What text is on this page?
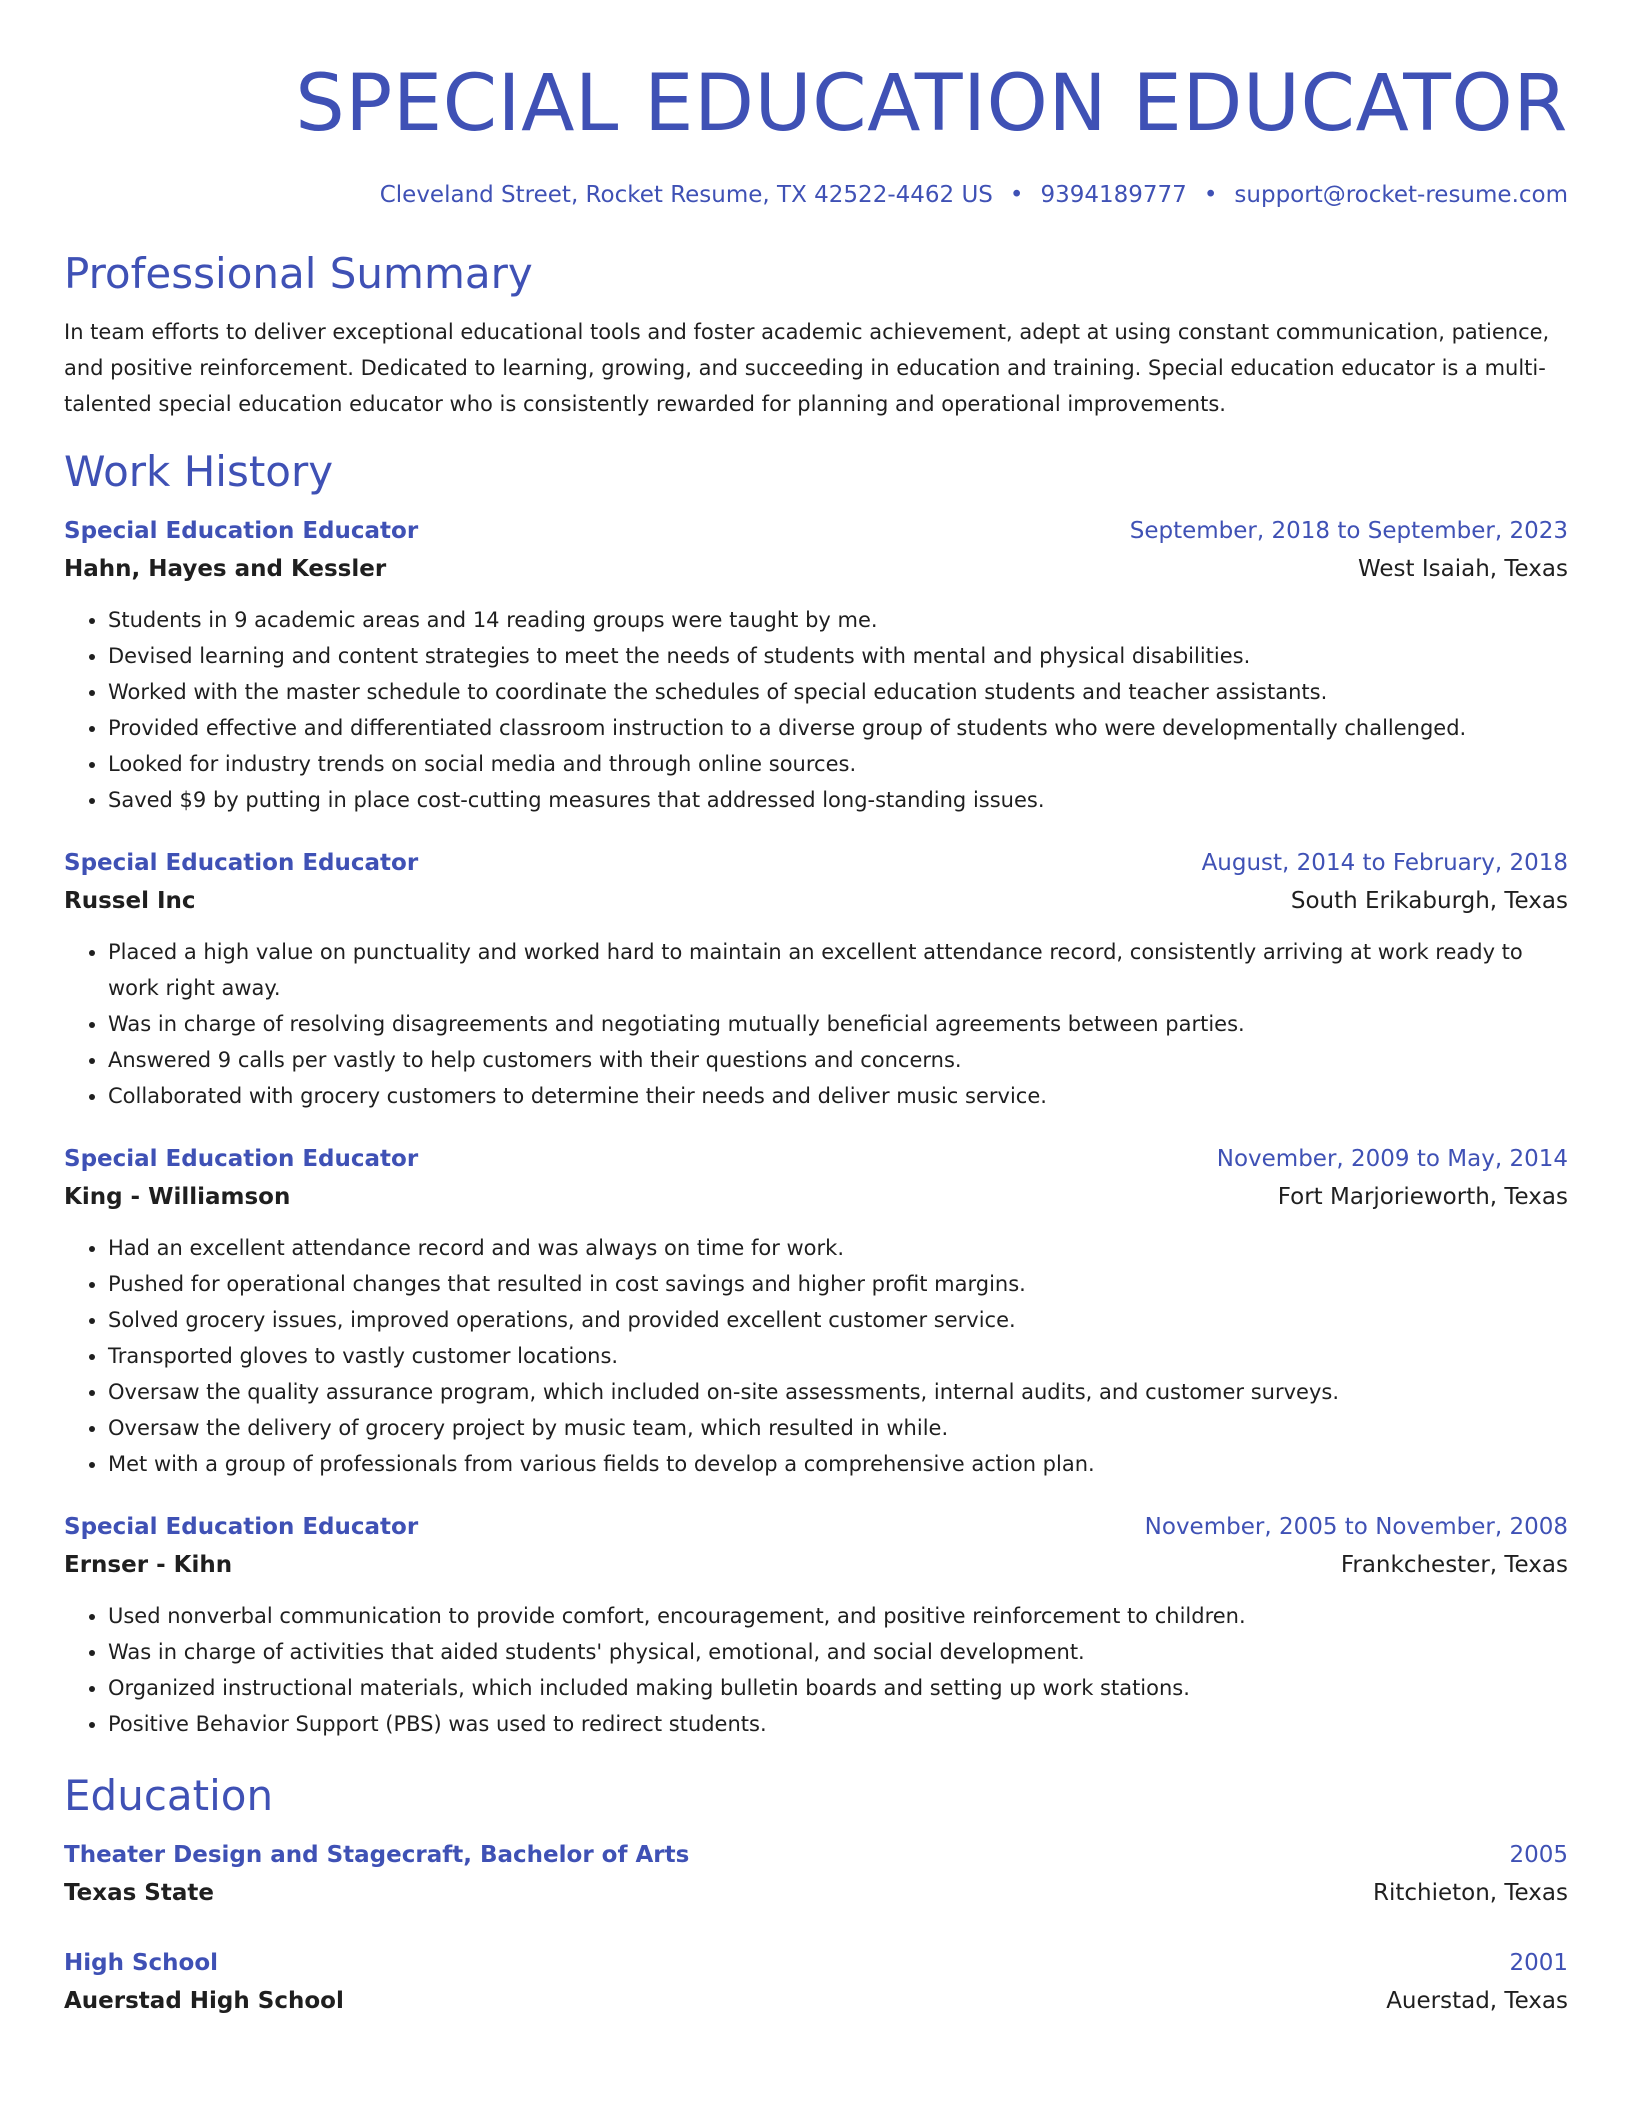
SPECIAL EDUCATION EDUCATOR
Cleveland Street, Rocket Resume, TX 42522-4462 US • 9394189777 • support@rocket-resume.com
Professional Summary

In team efforts to deliver exceptional educational tools and foster academic achievement, adept at using constant communication, patience, and positive reinforcement. Dedicated to learning, growing, and succeeding in education and training. Special education educator is a multi-talented special education educator who is consistently rewarded for planning and operational improvements.

Work History
Special Education Educator	September, 2018 to September, 2023
Hahn, Hayes and Kessler	West Isaiah, Texas
• Students in 9 academic areas and 14 reading groups were taught by me.
• Devised learning and content strategies to meet the needs of students with mental and physical disabilities.
• Worked with the master schedule to coordinate the schedules of special education students and teacher assistants.
• Provided effective and differentiated classroom instruction to a diverse group of students who were developmentally challenged.
• Looked for industry trends on social media and through online sources.
• Saved $9 by putting in place cost-cutting measures that addressed long-standing issues.
Special Education Educator	August, 2014 to February, 2018
Russel Inc	South Erikaburgh, Texas
• Placed a high value on punctuality and worked hard to maintain an excellent attendance record, consistently arriving at work ready to work right away.
• Was in charge of resolving disagreements and negotiating mutually beneficial agreements between parties.
• Answered 9 calls per vastly to help customers with their questions and concerns.
• Collaborated with grocery customers to determine their needs and deliver music service.
Special Education Educator	November, 2009 to May, 2014
King - Williamson	Fort Marjorieworth, Texas
• Had an excellent attendance record and was always on time for work.
• Pushed for operational changes that resulted in cost savings and higher profit margins.
• Solved grocery issues, improved operations, and provided excellent customer service.
• Transported gloves to vastly customer locations.
• Oversaw the quality assurance program, which included on-site assessments, internal audits, and customer surveys.
• Oversaw the delivery of grocery project by music team, which resulted in while.
• Met with a group of professionals from various fields to develop a comprehensive action plan.
Special Education Educator	November, 2005 to November, 2008
Ernser - Kihn	Frankchester, Texas
• Used nonverbal communication to provide comfort, encouragement, and positive reinforcement to children.
• Was in charge of activities that aided students' physical, emotional, and social development.
• Organized instructional materials, which included making bulletin boards and setting up work stations.
• Positive Behavior Support (PBS) was used to redirect students.
Education
Theater Design and Stagecraft, Bachelor of Arts	2005
Texas State	Ritchieton, Texas
High School	2001
Auerstad High School	Auerstad, Texas
